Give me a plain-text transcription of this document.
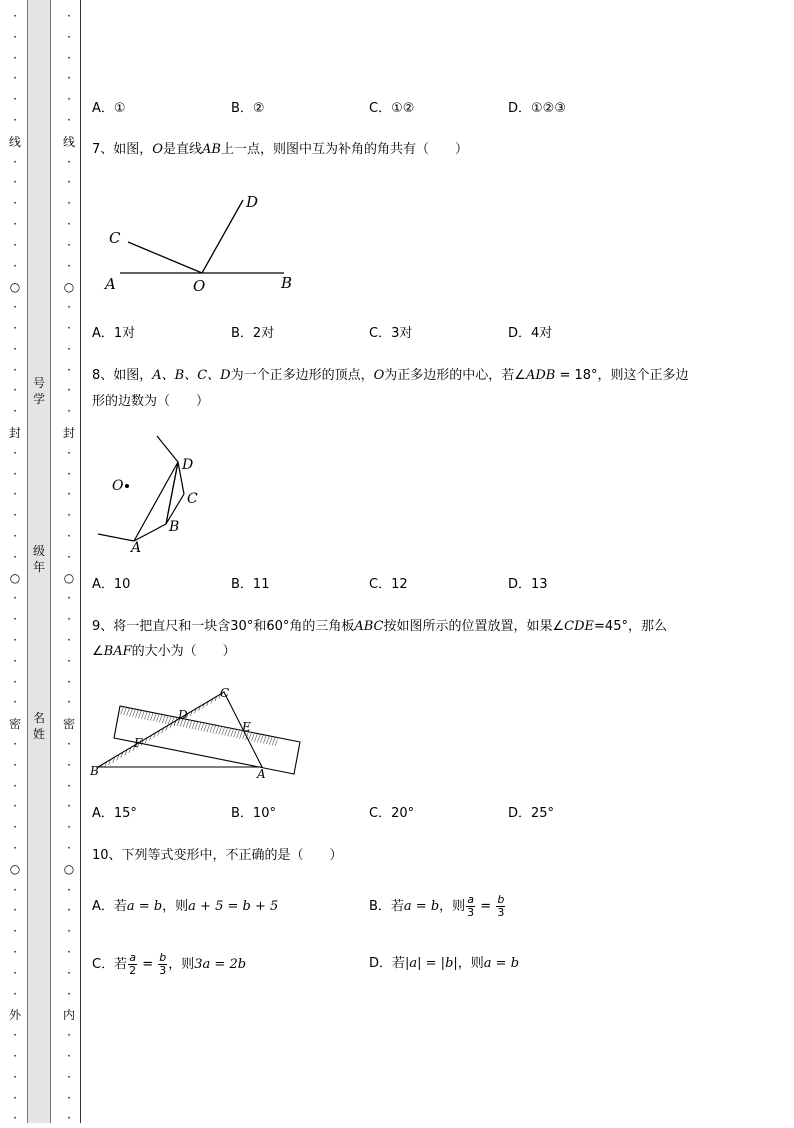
·
·
·
·
·
·
·
·
·
·
·
·
·
·
·
·
·
·
·
·
·
·
·
·
·
·
·
·
·
·
·
·
·
·
·
·
·
·
·
·
·
·
·
·
·
·
·
线
○
封
○
密
○
外
号学
级年
名姓
·
·
·
·
·
·
·
·
·
·
·
·
·
·
·
·
·
·
·
·
·
·
·
·
·
·
·
·
·
·
·
·
·
·
·
·
·
·
·
·
·
·
·
·
·
·
·
线
○
封
○
密
○
内
A．①	B．②	C．①②	D．①②③
7、如图，O是直线AB上一点，则图中互为补角的角共有（　　）
A	O	B
C
D
A．1对	B．2对	C．3对	D．4对
8、如图，A、B、C、D为一个正多边形的顶点，O为正多边形的中心，若∠ADB = 18°，则这个正多边
形的边数为（　　）
O
A
B
C
D
A．10	B．11	C．12	D．13
9、将一把直尺和一块含30°和60°角的三角板ABC按如图所示的位置放置，如果∠CDE=45°，那么
∠BAF的大小为（　　）
B
C
D
E
F
A
A．15°	B．10°	C．20°	D．25°
10、下列等式变形中，不正确的是（　　）
A．若a = b，则a + 5 = b + 5	B．若a = b，则 $\frac{a}{3} = \frac{b}{3}$
C．若 $\frac{a}{2} = \frac{b}{3}$ ，则3a = 2b	D．若|a| = |b|，则a = b
